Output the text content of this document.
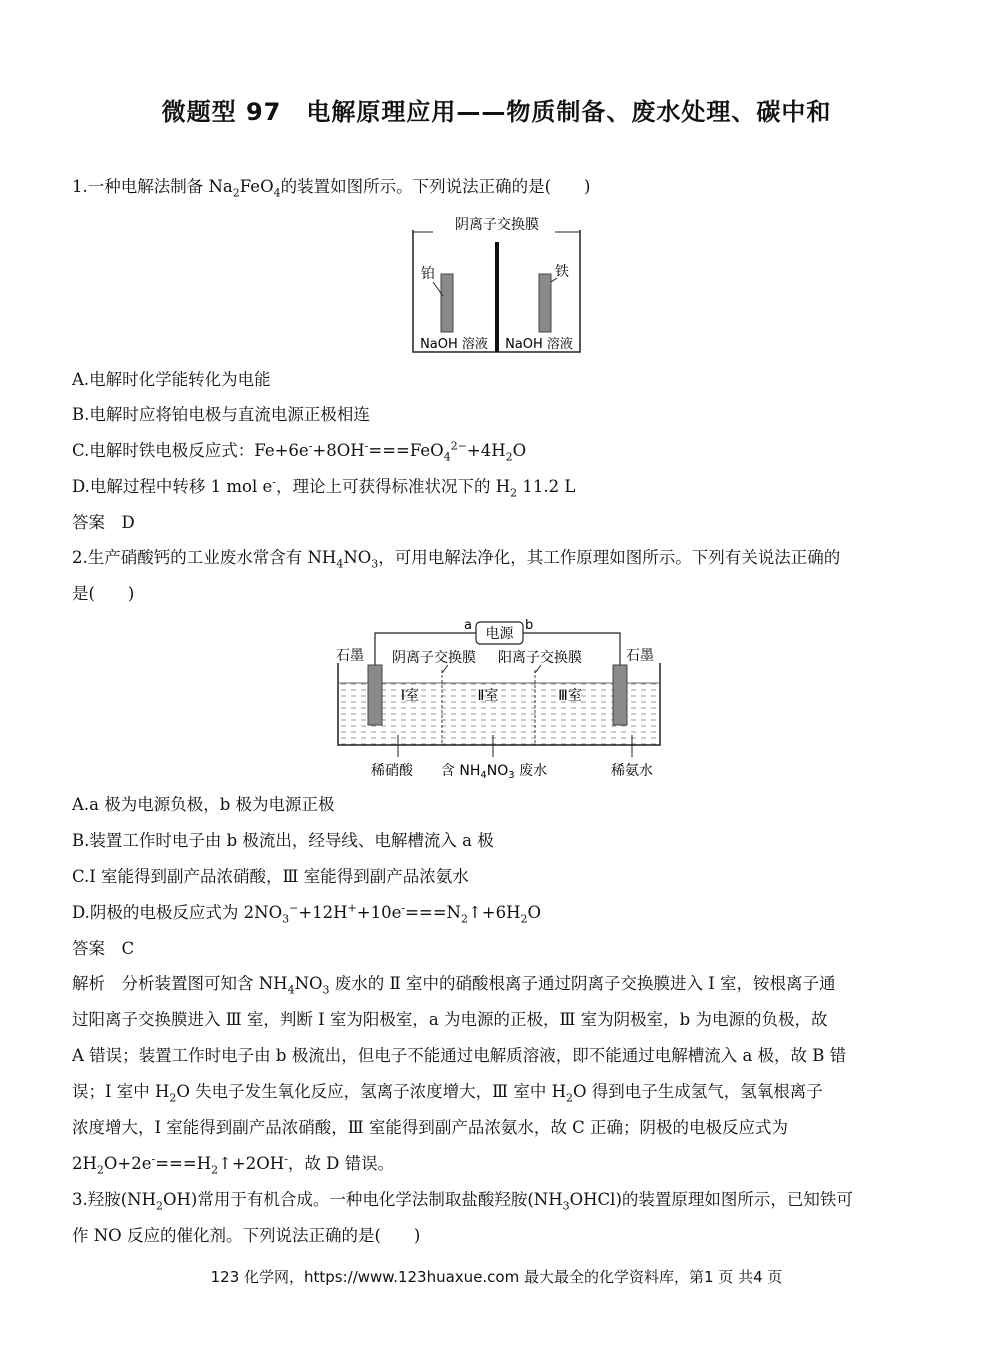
微题型 97　电解原理应用——物质制备、废水处理、碳中和
1.一种电解法制备 $Na_2FeO_4$的装置如图所示。下列说法正确的是(　　)
阴离子交换膜
铂	铁
NaOH 溶液 NaOH 溶液
A.电解时化学能转化为电能
B.电解时应将铂电极与直流电源正极相连
C.电解时铁电极反应式：$Fe+6e^-+8OH^-===FeO_4^{2-}+4H_2O$
D.电解过程中转移 1 mol e-，理论上可获得标准状况下的 $H_2$ 11.2 L
答案　D
2.生产硝酸钙的工业废水常含有 $NH_4NO_3$，可用电解法净化，其工作原理如图所示。下列有关说法正确的
是(　　)
电源
a	b
石墨	石墨
阴离子交换膜 阳离子交换膜
Ⅰ室	Ⅱ室	Ⅲ室
稀硝酸 含 $NH_4NO_3$ 废水	稀氨水
A.a 极为电源负极，b 极为电源正极
B.装置工作时电子由 b 极流出，经导线、电解槽流入 a 极
C.Ⅰ 室能得到副产品浓硝酸，Ⅲ 室能得到副产品浓氨水
D.阴极的电极反应式为 $2NO_3^-+12H^++10e^-===N_2↑+6H_2O$
答案　C
解析　分析装置图可知含 $NH_4NO_3$ 废水的 Ⅱ 室中的硝酸根离子通过阴离子交换膜进入 Ⅰ 室，铵根离子通
过阳离子交换膜进入 Ⅲ 室，判断 Ⅰ 室为阳极室，a 为电源的正极，Ⅲ 室为阴极室，b 为电源的负极，故
A 错误；装置工作时电子由 b 极流出，但电子不能通过电解质溶液，即不能通过电解槽流入 a 极，故 B 错
误；Ⅰ 室中 $H_2O$ 失电子发生氧化反应，氢离子浓度增大，Ⅲ 室中 $H_2O$ 得到电子生成氢气，氢氧根离子
浓度增大，Ⅰ 室能得到副产品浓硝酸，Ⅲ 室能得到副产品浓氨水，故 C 正确；阴极的电极反应式为
$2H_2O+2e^-===H_2↑+2OH^-$，故 D 错误。
3.羟胺$(NH_2OH)$常用于有机合成。一种电化学法制取盐酸羟胺$(NH_3OHCl)$的装置原理如图所示，已知铁可
作 NO 反应的催化剂。下列说法正确的是(　　)
123 化学网，https://www.123huaxue.com 最大最全的化学资料库，第1 页 共4 页
